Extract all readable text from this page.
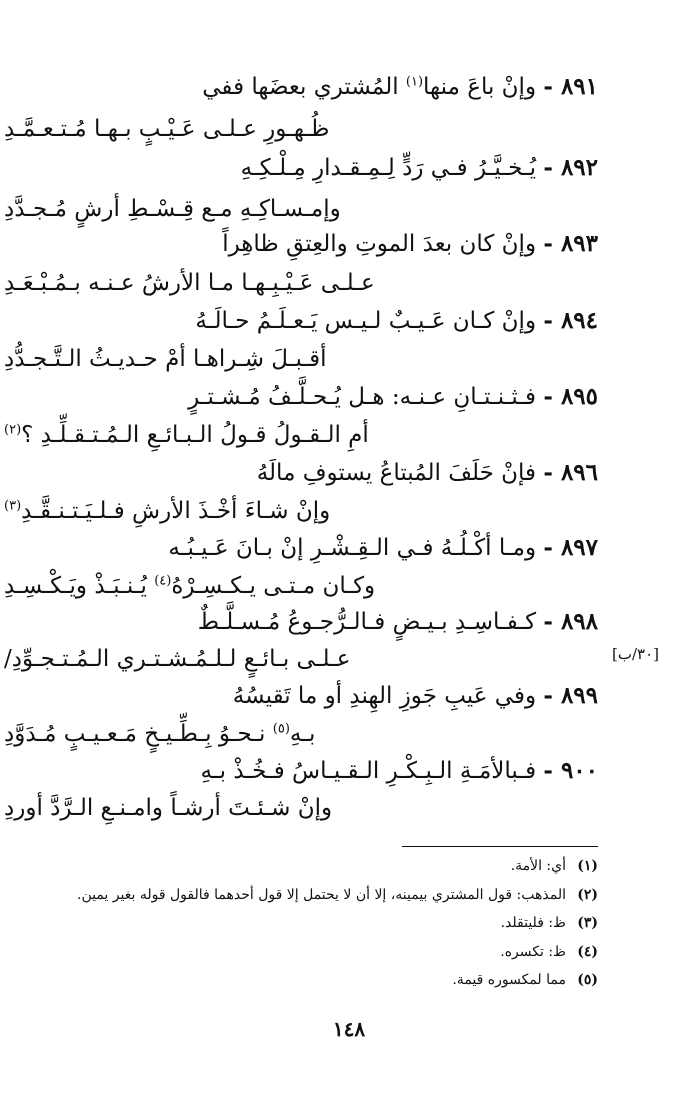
٨٩١ - وإنْ باعَ منها$^{(١)}$ المُشتري بعضَها ففي
ظُـهـورِ عـلـى عَـيْـبٍ بـهـا مُـتـعـمَّـدِ
٨٩٢ - يُـخـيَّـرُ فـي رَدٍّ لِـمِـقـدارِ مِـلْـكِـهِ
وإمـسـاكِـهِ مـع قِـسْـطِ أرشٍ مُـجـدَّدِ
٨٩٣ - وإنْ كان بعدَ الموتِ والعِتقِ ظاهِراً
عـلـى عَـيْـبِـهـا مـا الأرشُ عـنـه بـمُـبْـعَـدِ
٨٩٤ - وإنْ كـان عَـيـبٌ لـيـس يَـعـلَـمُ حـالَـهُ
أقـبـلَ شِـراهـا أمْ حـديـثُ الـتَّـجـدُّدِ
٨٩٥ - فـثـنـتـانِ عـنـه: هـل يُـحـلَّـفُ مُـشـتـرٍ
أمِ الـقـولُ قـولُ الـبـائـعِ الـمُـتـقـلِّـدِ ؟$^{(٢)}$
٨٩٦ - فإنْ حَلَفَ المُبتاعُ يستوفِ مالَهُ
وإنْ شـاءَ أخْـذَ الأرشِ فـلـيَـتـنـقَّـدِ$^{(٣)}$
٨٩٧ - ومـا أكْـلُـهُ فـي الـقِـشْـرِ إنْ بـانَ عَـيـبُـه
وكـان مـتـى يـكـسِـرْهُ$^{(٤)}$ يُـنـبَـذْ ويَـكْـسِـدِ
٨٩٨ - كـفـاسِـدِ بـيـضٍ فـالـرُّجـوعُ مُـسـلَّـطٌ
عـلـى بـائـعٍ لـلـمُـشـتـري الـمُـتـجـوِّدِ/	[٣٠/ب]
٨٩٩ - وفي عَيبِ جَوزِ الهِندِ أو ما تَقيسُهُ
بـهِ$^{(٥)}$ نـحـوُ بِـطِّـيـخٍ مَـعـيـبٍ مُـدَوَّدِ
٩٠٠ - فـبالأمَـةِ الـبِـكْـرِ الـقـيـاسُ فـخُـذْ بـهِ
وإنْ شـئـتَ أرشـاً وامـنـعِ الـرَّدَّ أوردِ
(١)أي: الأمة.
(٢)المذهب: قول المشتري بيمينه، إلا أن لا يحتمل إلا قول أحدهما فالقول قوله بغير يمين.
(٣)ظ: فليتقلد.
(٤)ظ: تكسره.
(٥)مما لمكسوره قيمة.
١٤٨
